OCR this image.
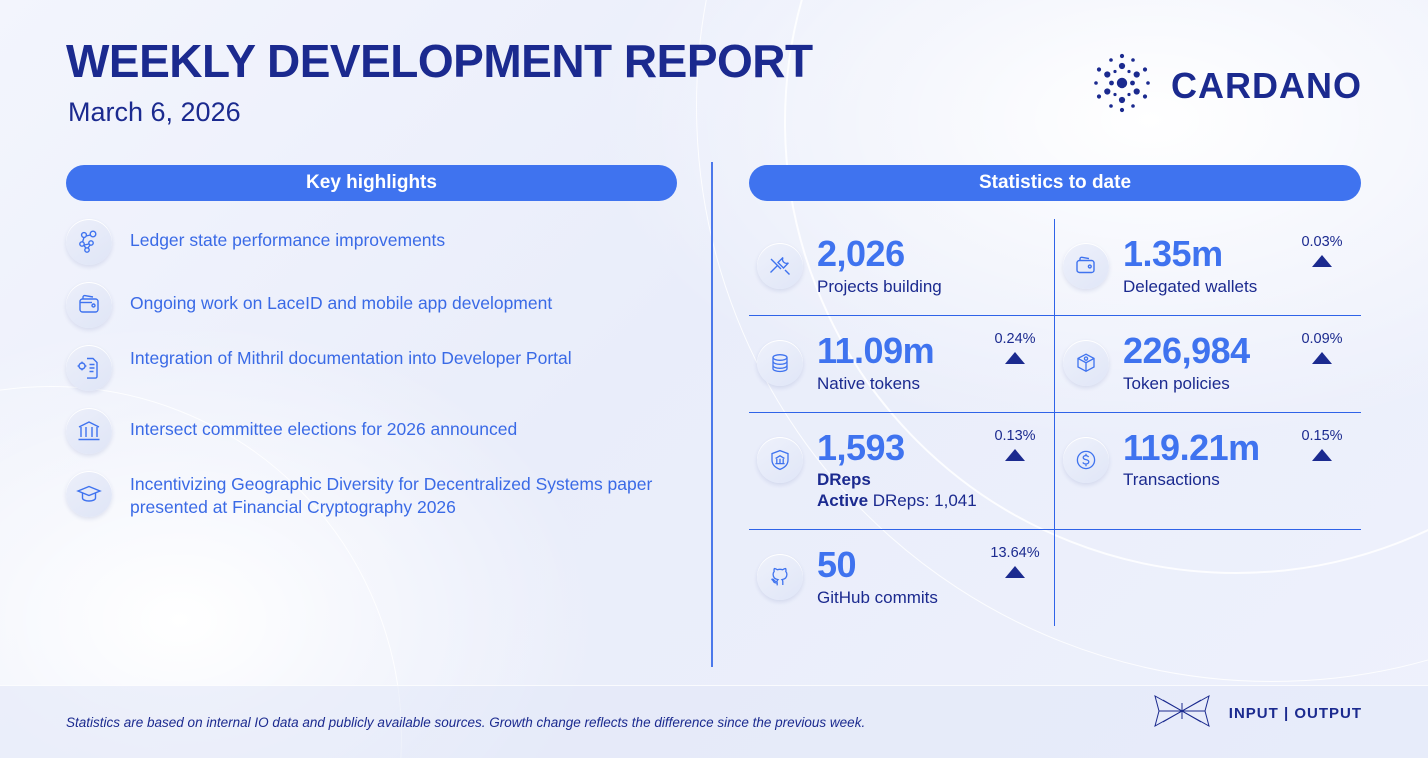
WEEKLY DEVELOPMENT REPORT
March 6, 2026
CARDANO
Key highlights
Ledger state performance improvements
Ongoing work on LaceID and mobile app development
Integration of Mithril documentation into Developer Portal
Intersect committee elections for 2026 announced
Incentivizing Geographic Diversity for Decentralized Systems paper presented at Financial Cryptography 2026
Statistics to date
2,026
Projects building
1.35m
Delegated wallets
0.03%
11.09m
Native tokens
0.24%	226,984
Token policies
0.09%
1,593
DReps
Active DReps: 1,041
0.13%	119.21m
Transactions
0.15%
50
GitHub commits
13.64%
Statistics are based on internal IO data and publicly available sources. Growth change reflects the difference since the previous week.
INPUT | OUTPUT
